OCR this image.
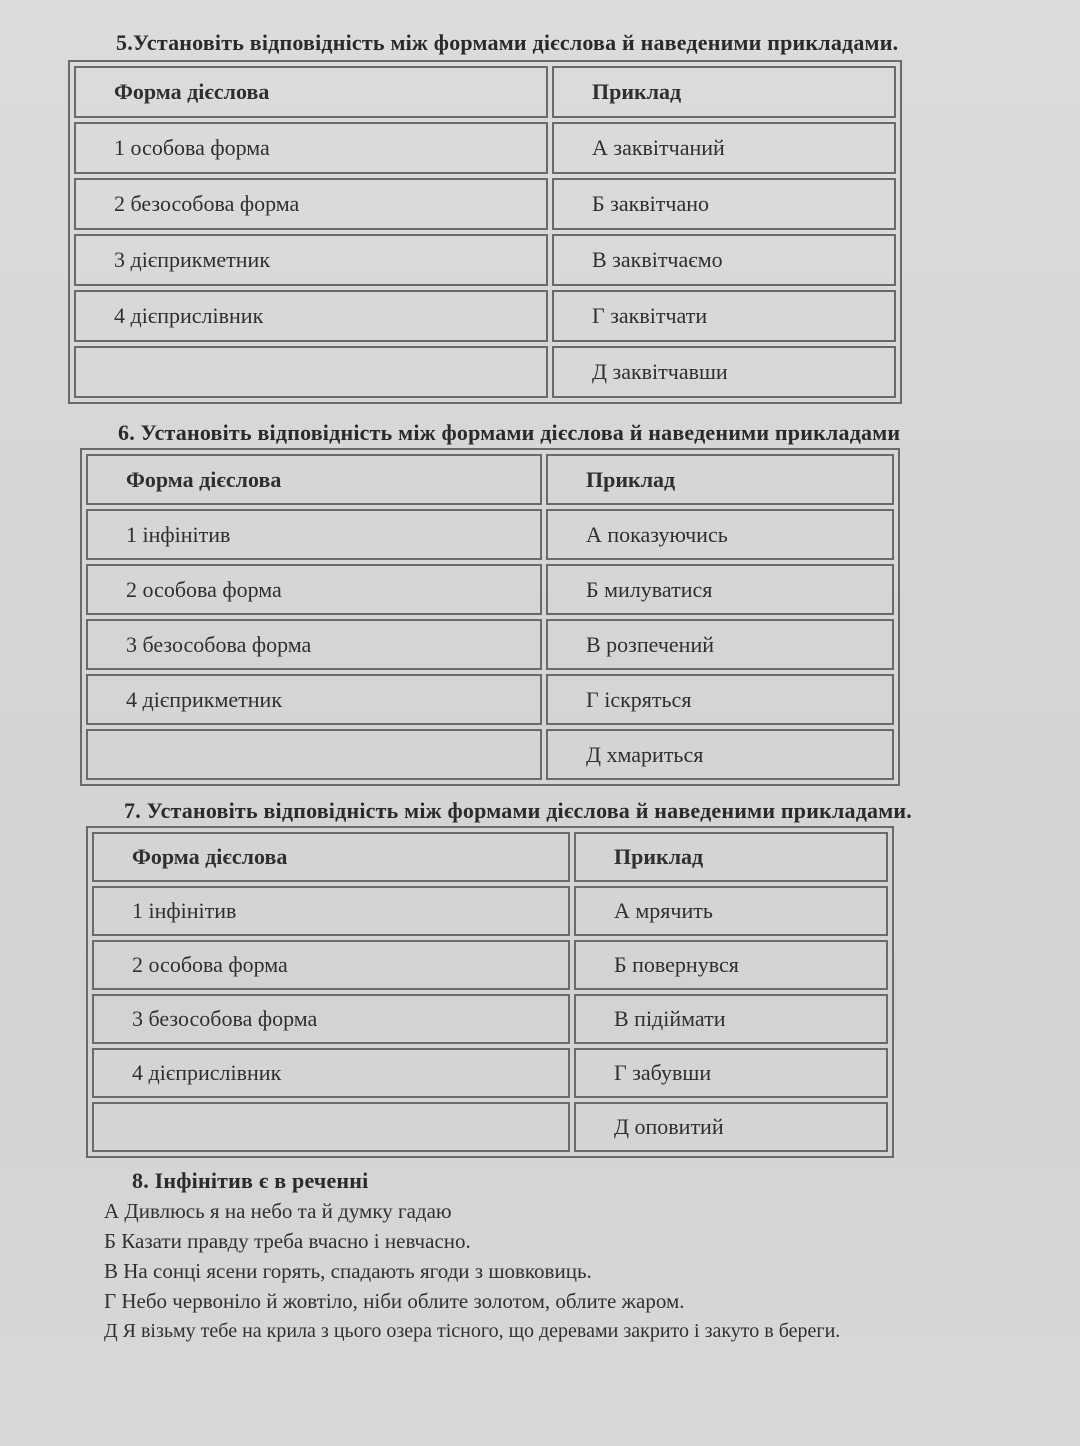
5.Установіть відповідність між формами дієслова й наведеними прикладами.
Форма дієслова	Приклад
1 особова форма	А заквітчаний
2 безособова форма	Б заквітчано
3 дієприкметник	В заквітчаємо
4 дієприслівник	Г заквітчати
	Д заквітчавши
6. Установіть відповідність між формами дієслова й наведеними прикладами
Форма дієслова	Приклад
1 інфінітив	А показуючись
2 особова форма	Б милуватися
3 безособова форма	В розпечений
4 дієприкметник	Г іскряться
	Д хмариться
7. Установіть відповідність між формами дієслова й наведеними прикладами.
Форма дієслова	Приклад
1 інфінітив	А мрячить
2 особова форма	Б повернувся
3 безособова форма	В підіймати
4 дієприслівник	Г забувши
	Д оповитий
8. Інфінітив є в реченні
А Дивлюсь я на небо та й думку гадаю
Б Казати правду треба вчасно і невчасно.
В На сонці ясени горять, спадають ягоди з шовковиць.
Г Небо червоніло й жовтіло, ніби облите золотом, облите жаром.
Д Я візьму тебе на крила з цього озера тісного, що деревами закрито і закуто в береги.
